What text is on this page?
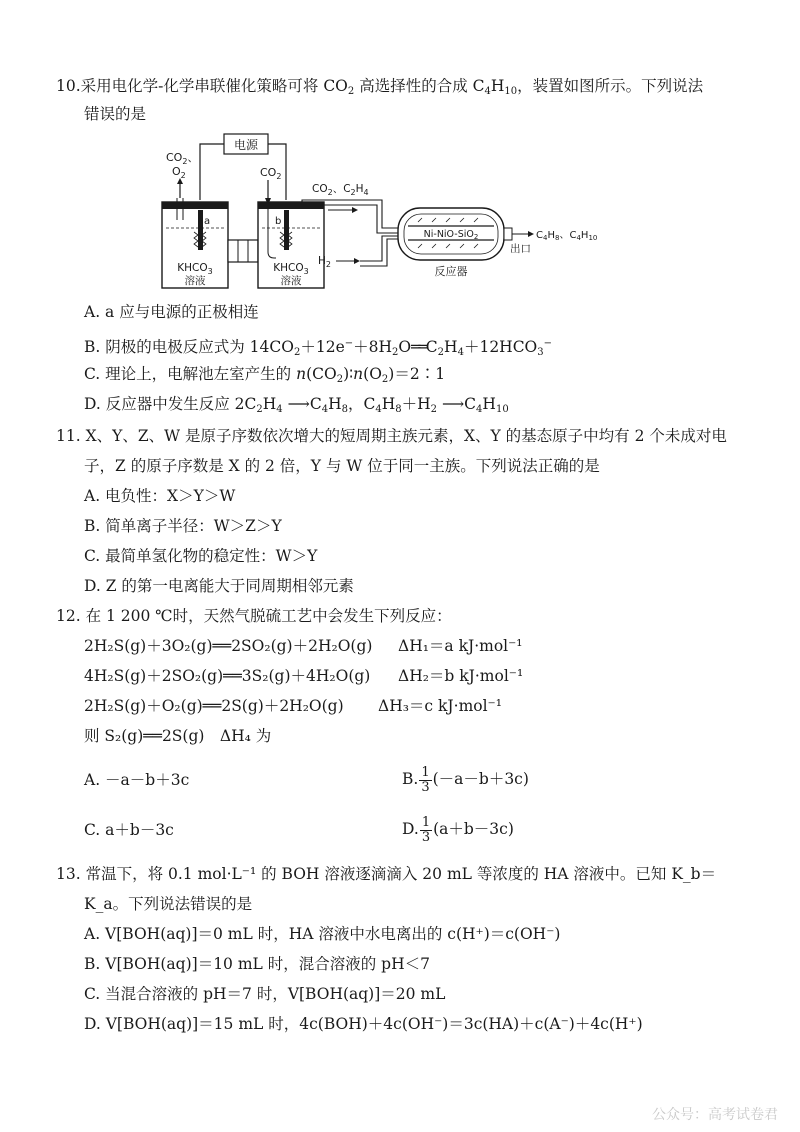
10.采用电化学-化学串联催化策略可将 $CO_2$ 高选择性的合成 $C_4H_{10}$，装置如图所示。下列说法
错误的是
电源
$CO_2$、
$O_2$
a
$KHCO_3$
溶液
$CO_2$
b
$KHCO_3$
溶液
$CO_2$、$C_2H_4$
$H_2$
Ni-NiO-SiO$_2$
反应器
出口
$C_4H_8$、$C_4H_{10}$
A. a 应与电源的正极相连
B. 阴极的电极反应式为 $14CO_2+12e^-+8H_2O══C_2H_4+12HCO_3^-$
C. 理论上，电解池左室产生的 $n(CO_2)∶n(O_2)=2∶1$
D. 反应器中发生反应 $2C_2H_4$ $⟶C_4H_8$，$C_4H_8+H_2$ $⟶C_4H_{10}$
11. X、Y、Z、W 是原子序数依次增大的短周期主族元素，X、Y 的基态原子中均有 2 个未成对电
子，Z 的原子序数是 X 的 2 倍，Y 与 W 位于同一主族。下列说法正确的是
A. 电负性：X＞Y＞W
B. 简单离子半径：W＞Z＞Y
C. 最简单氢化物的稳定性：W＞Y
D. Z 的第一电离能大于同周期相邻元素
12. 在 1 200 ℃时，天然气脱硫工艺中会发生下列反应：
2H₂S(g)＋3O₂(g)══2SO₂(g)＋2H₂O(g) ΔH₁＝a kJ·mol⁻¹
4H₂S(g)＋2SO₂(g)══3S₂(g)＋4H₂O(g) ΔH₂＝b kJ·mol⁻¹
2H₂S(g)＋O₂(g)══2S(g)＋2H₂O(g) ΔH₃＝c kJ·mol⁻¹
则 S₂(g)══2S(g)　ΔH₄ 为
A. －a－b＋3c	B. $\frac{1}{3} (-a-b+3c)$
C. a＋b－3c	D. $\frac{1}{3} (a+b-3c)$
13. 常温下，将 0.1 mol·L⁻¹ 的 BOH 溶液逐滴滴入 20 mL 等浓度的 HA 溶液中。已知 K_b＝
K_a。下列说法错误的是
A. V[BOH(aq)]＝0 mL 时，HA 溶液中水电离出的 c(H⁺)＝c(OH⁻)
B. V[BOH(aq)]＝10 mL 时，混合溶液的 pH＜7
C. 当混合溶液的 pH＝7 时，V[BOH(aq)]＝20 mL
D. V[BOH(aq)]＝15 mL 时，4c(BOH)＋4c(OH⁻)＝3c(HA)＋c(A⁻)＋4c(H⁺)
公众号：高考试卷君
